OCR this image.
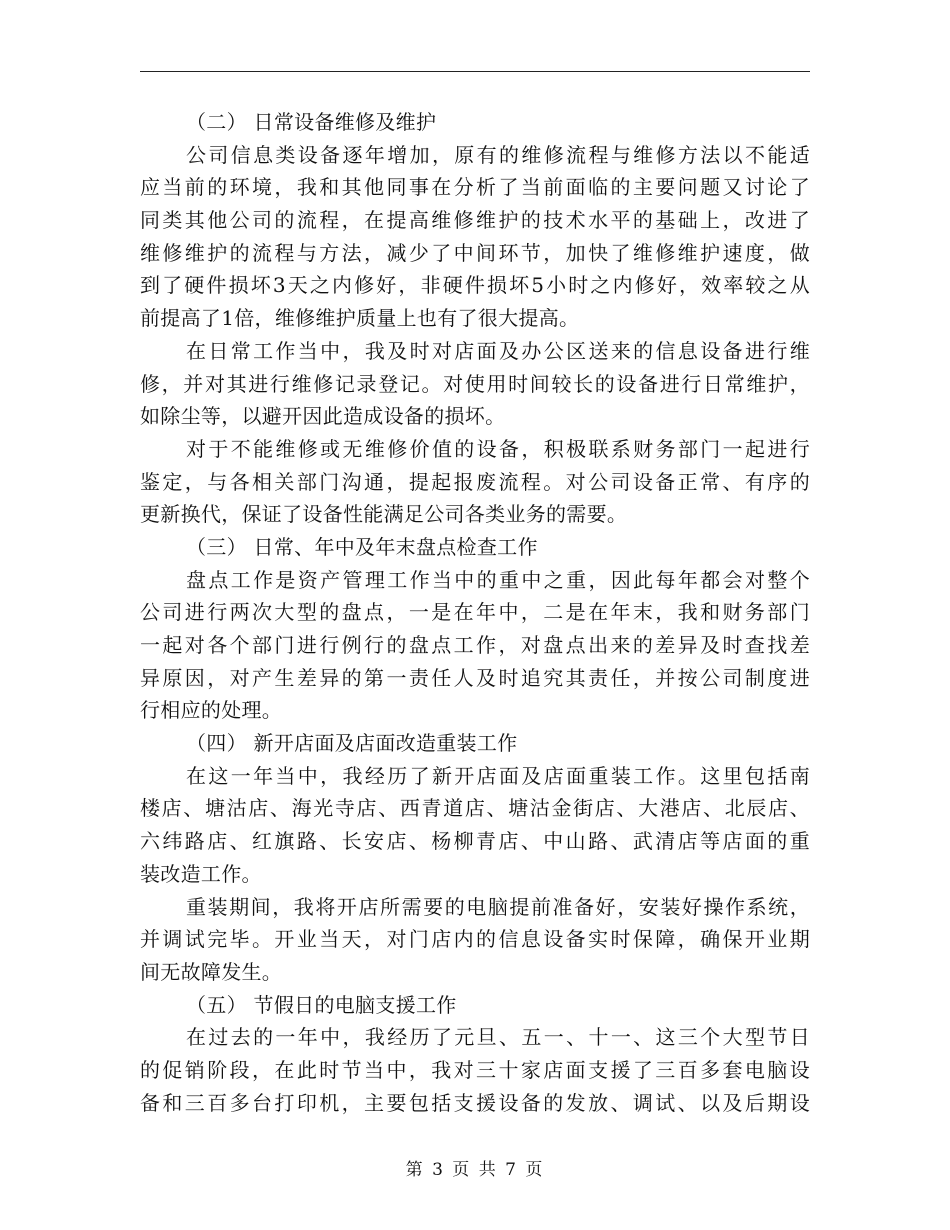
（二） 日常设备维修及维护
公司信息类设备逐年增加，原有的维修流程与维修方法以不能适
应当前的环境，我和其他同事在分析了当前面临的主要问题又讨论了
同类其他公司的流程，在提高维修维护的技术水平的基础上，改进了
维修维护的流程与方法，减少了中间环节，加快了维修维护速度，做
到了硬件损坏3天之内修好，非硬件损坏5小时之内修好，效率较之从
前提高了1倍，维修维护质量上也有了很大提高。
在日常工作当中，我及时对店面及办公区送来的信息设备进行维
修，并对其进行维修记录登记。对使用时间较长的设备进行日常维护，
如除尘等，以避开因此造成设备的损坏。
对于不能维修或无维修价值的设备，积极联系财务部门一起进行
鉴定，与各相关部门沟通，提起报废流程。对公司设备正常、有序的
更新换代，保证了设备性能满足公司各类业务的需要。
（三） 日常、年中及年末盘点检查工作
盘点工作是资产管理工作当中的重中之重，因此每年都会对整个
公司进行两次大型的盘点，一是在年中，二是在年末，我和财务部门
一起对各个部门进行例行的盘点工作，对盘点出来的差异及时查找差
异原因，对产生差异的第一责任人及时追究其责任，并按公司制度进
行相应的处理。
（四） 新开店面及店面改造重装工作
在这一年当中，我经历了新开店面及店面重装工作。这里包括南
楼店、塘沽店、海光寺店、西青道店、塘沽金街店、大港店、北辰店、
六纬路店、红旗路、长安店、杨柳青店、中山路、武清店等店面的重
装改造工作。
重装期间，我将开店所需要的电脑提前准备好，安装好操作系统，
并调试完毕。开业当天，对门店内的信息设备实时保障，确保开业期
间无故障发生。
（五） 节假日的电脑支援工作
在过去的一年中，我经历了元旦、五一、十一、这三个大型节日
的促销阶段，在此时节当中，我对三十家店面支援了三百多套电脑设
备和三百多台打印机，主要包括支援设备的发放、调试、以及后期设
第 3 页 共 7 页
